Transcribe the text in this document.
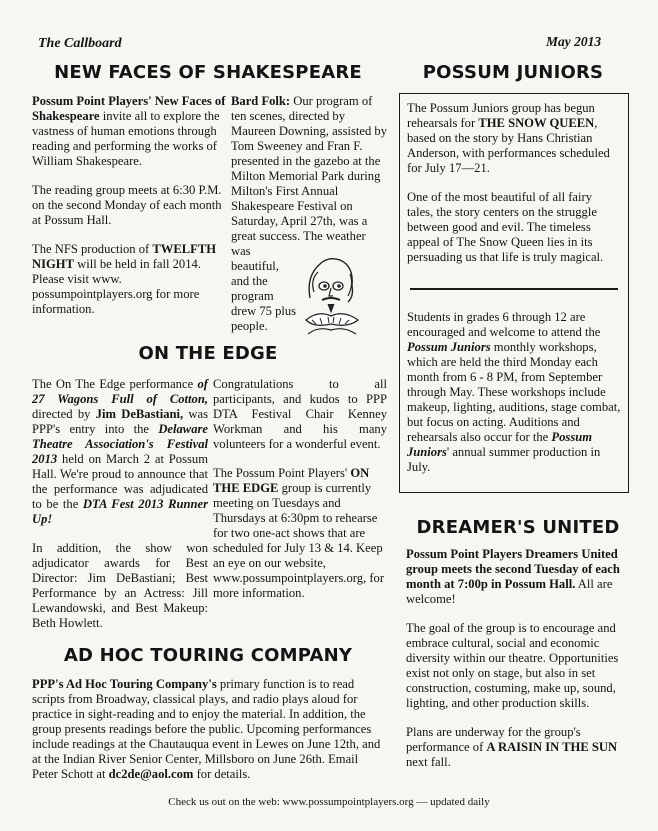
The Callboard	May 2013
NEW FACES OF SHAKESPEARE

Possum Point Players' New Faces of Shakespeare invite all to explore the vastness of human emotions through reading and performing the works of William Shakespeare.

The reading group meets at 6:30 P.M. on the second Monday of each month at Possum Hall.

The NFS production of TWELFTH NIGHT will be held in fall 2014. Please visit www. possumpointplayers.org for more information.

Bard Folk: Our program of ten scenes, directed by Maureen Downing, assisted by Tom Sweeney and Fran F. presented in the gazebo at the Milton Memorial Park during Milton's First Annual Shakespeare Festival on Saturday, April 27th, was a great success. The weather was

beautiful, and the program drew 75 plus people.

ON THE EDGE

The On The Edge performance of 27 Wagons Full of Cotton, directed by Jim DeBastiani, was PPP's entry into the Delaware Theatre Association's Festival 2013 held on March 2 at Possum Hall. We're proud to announce that the performance was adjudicated to be the DTA Fest 2013 Runner Up!

In addition, the show won adjudicator awards for Best Director: Jim DeBastiani; Best Performance by an Actress: Jill Lewandowski, and Best Makeup: Beth Howlett.

Congratulations to all participants, and kudos to PPP DTA Festival Chair Kenney Workman and his many volunteers for a wonderful event.

The Possum Point Players' ON THE EDGE group is currently meeting on Tuesdays and Thursdays at 6:30pm to rehearse for two one-act shows that are scheduled for July 13 & 14. Keep an eye on our website, www.possumpointplayers.org, for more information.

AD HOC TOURING COMPANY
PPP's Ad Hoc Touring Company's primary function is to read scripts from Broadway, classical plays, and radio plays aloud for practice in sight-reading and to enjoy the material. In addition, the group presents readings before the public. Upcoming performances include readings at the Chautauqua event in Lewes on June 12th, and at the Indian River Senior Center, Millsboro on June 26th. Email Peter Schott at dc2de@aol.com for details.
POSSUM JUNIORS

The Possum Juniors group has begun rehearsals for THE SNOW QUEEN, based on the story by Hans Christian Anderson, with performances scheduled for July 17—21.

One of the most beautiful of all fairy tales, the story centers on the struggle between good and evil. The timeless appeal of The Snow Queen lies in its persuading us that life is truly magical.

Students in grades 6 through 12 are encouraged and welcome to attend the Possum Juniors monthly workshops, which are held the third Monday each month from 6 - 8 PM, from September through May. These workshops include makeup, lighting, auditions, stage combat, but focus on acting. Auditions and rehearsals also occur for the Possum Juniors' annual summer production in July.

DREAMER'S UNITED

Possum Point Players Dreamers United group meets the second Tuesday of each month at 7:00p in Possum Hall. All are welcome!

The goal of the group is to encourage and embrace cultural, social and economic diversity within our theatre. Opportunities exist not only on stage, but also in set construction, costuming, make up, sound, lighting, and other production skills.

Plans are underway for the group's performance of A RAISIN IN THE SUN next fall.

Check us out on the web: www.possumpointplayers.org — updated daily
